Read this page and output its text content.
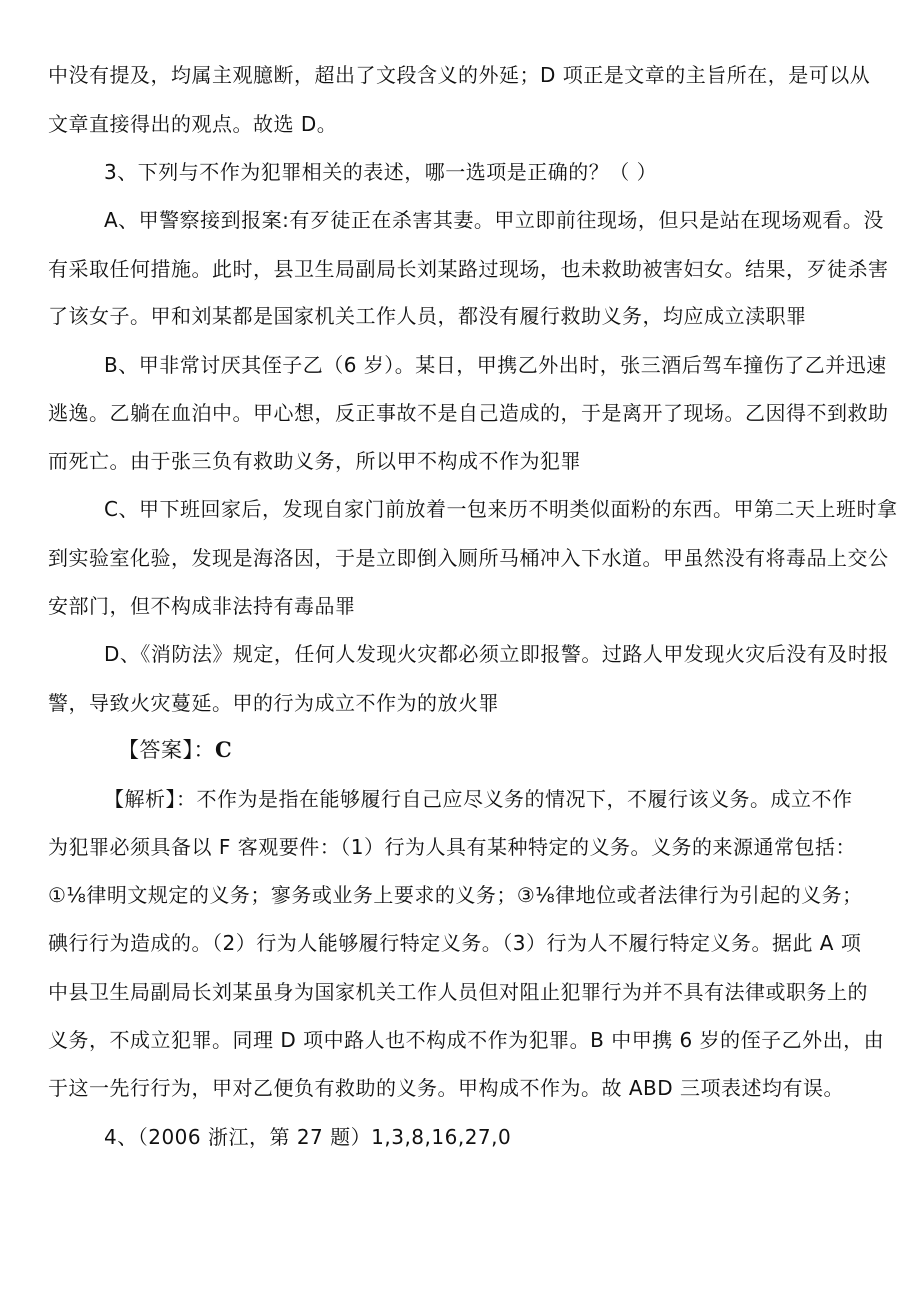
中没有提及，均属主观臆断，超出了文段含义的外延；D 项正是文章的主旨所在，是可以从
文章直接得出的观点。故选 D。
3、下列与不作为犯罪相关的表述，哪一选项是正确的？（ ）
A、甲警察接到报案:有歹徒正在杀害其妻。甲立即前往现场，但只是站在现场观看。没
有采取任何措施。此时，县卫生局副局长刘某路过现场，也未救助被害妇女。结果，歹徒杀害
了该女子。甲和刘某都是国家机关工作人员，都没有履行救助义务，均应成立渎职罪
B、甲非常讨厌其侄子乙（6 岁）。某日，甲携乙外出时，张三酒后驾车撞伤了乙并迅速
逃逸。乙躺在血泊中。甲心想，反正事故不是自己造成的，于是离开了现场。乙因得不到救助
而死亡。由于张三负有救助义务，所以甲不构成不作为犯罪
C、甲下班回家后，发现自家门前放着一包来历不明类似面粉的东西。甲第二天上班时拿
到实验室化验，发现是海洛因，于是立即倒入厕所马桶冲入下水道。甲虽然没有将毒品上交公
安部门，但不构成非法持有毒品罪
D、《消防法》规定，任何人发现火灾都必须立即报警。过路人甲发现火灾后没有及时报
警，导致火灾蔓延。甲的行为成立不作为的放火罪
【答案】：C
【解析】：不作为是指在能够履行自己应尽义务的情况下，不履行该义务。成立不作
为犯罪必须具备以 F 客观要件：（1）行为人具有某种特定的义务。义务的来源通常包括：
①⅛律明文规定的义务；寥务或业务上要求的义务；③⅛律地位或者法律行为引起的义务；
碘行行为造成的。（2）行为人能够履行特定义务。（3）行为人不履行特定义务。据此 A 项
中县卫生局副局长刘某虽身为国家机关工作人员但对阻止犯罪行为并不具有法律或职务上的
义务，不成立犯罪。同理 D 项中路人也不构成不作为犯罪。B 中甲携 6 岁的侄子乙外出，由
于这一先行行为，甲对乙便负有救助的义务。甲构成不作为。故 ABD 三项表述均有误。
4、（2006 浙江，第 27 题）1,3,8,16,27,0
